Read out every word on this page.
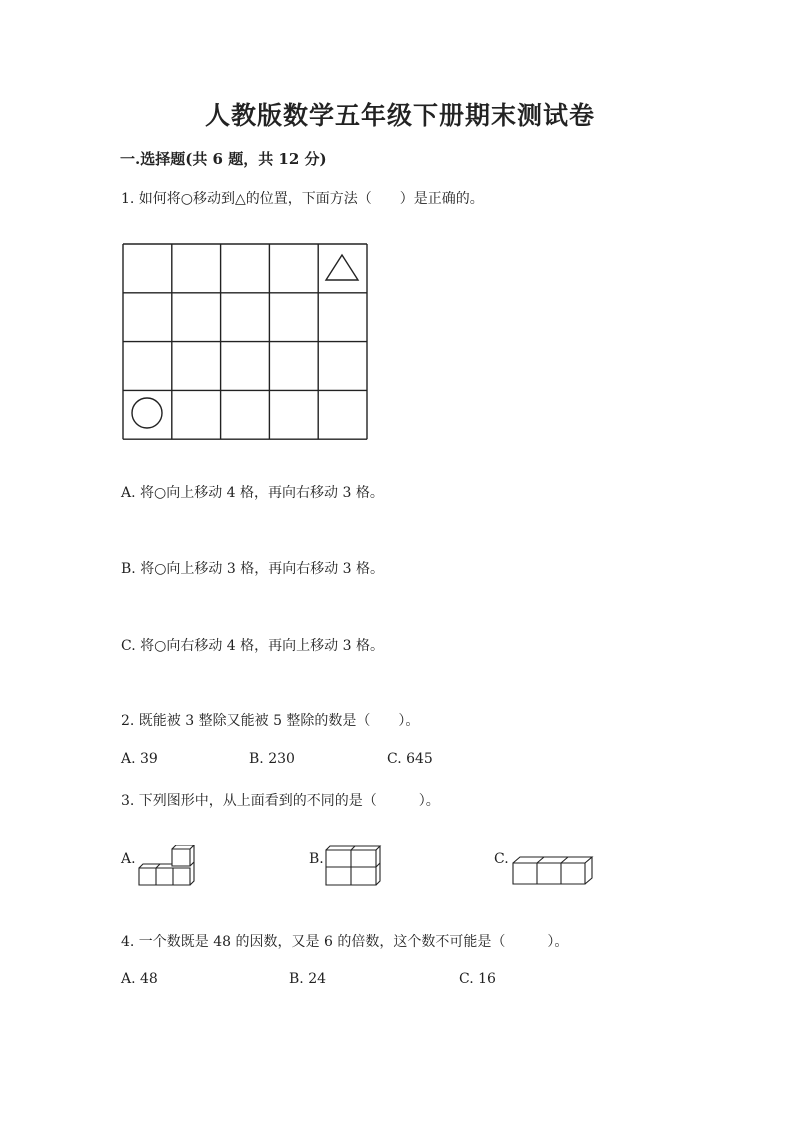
人教版数学五年级下册期末测试卷
一.选择题(共 6 题，共 12 分)
1. 如何将○移动到△的位置，下面方法（　　）是正确的。
A. 将○向上移动 4 格，再向右移动 3 格。
B. 将○向上移动 3 格，再向右移动 3 格。
C. 将○向右移动 4 格，再向上移动 3 格。
2. 既能被 3 整除又能被 5 整除的数是（　　）。
A. 39	B. 230	C. 645
3. 下列图形中，从上面看到的不同的是（　　　）。
A.	B.	C.
4. 一个数既是 48 的因数，又是 6 的倍数，这个数不可能是（　　　）。
A. 48	B. 24	C. 16
